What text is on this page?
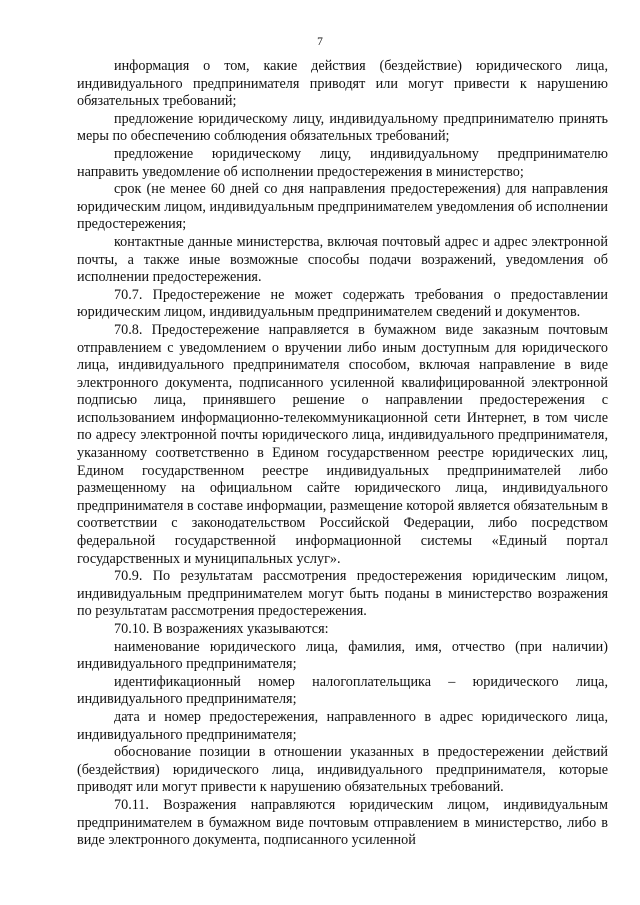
7

информация о том, какие действия (бездействие) юридического лица, индивидуального предпринимателя приводят или могут привести к нарушению обязательных требований;

предложение юридическому лицу, индивидуальному предпринимателю принять меры по обеспечению соблюдения обязательных требований;

предложение юридическому лицу, индивидуальному предпринимателю направить уведомление об исполнении предостережения в министерство;

срок (не менее 60 дней со дня направления предостережения) для направления юридическим лицом, индивидуальным предпринимателем уведомления об исполнении предостережения;

контактные данные министерства, включая почтовый адрес и адрес электронной почты, а также иные возможные способы подачи возражений, уведомления об исполнении предостережения.

70.7. Предостережение не может содержать требования о предоставлении юридическим лицом, индивидуальным предпринимателем сведений и документов.

70.8. Предостережение направляется в бумажном виде заказным почтовым отправлением с уведомлением о вручении либо иным доступным для юридического лица, индивидуального предпринимателя способом, включая направление в виде электронного документа, подписанного усиленной квалифицированной электронной подписью лица, принявшего решение о направлении предостережения с использованием информационно-телекоммуникационной сети Интернет, в том числе по адресу электронной почты юридического лица, индивидуального предпринимателя, указанному соответственно в Едином государственном реестре юридических лиц, Едином государственном реестре индивидуальных предпринимателей либо размещенному на официальном сайте юридического лица, индивидуального предпринимателя в составе информации, размещение которой является обязательным в соответствии с законодательством Российской Федерации, либо посредством федеральной государственной информационной системы «Единый портал государственных и муниципальных услуг».

70.9. По результатам рассмотрения предостережения юридическим лицом, индивидуальным предпринимателем могут быть поданы в министерство возражения по результатам рассмотрения предостережения.

70.10. В возражениях указываются:

наименование юридического лица, фамилия, имя, отчество (при наличии) индивидуального предпринимателя;

идентификационный номер налогоплательщика – юридического лица, индивидуального предпринимателя;

дата и номер предостережения, направленного в адрес юридического лица, индивидуального предпринимателя;

обоснование позиции в отношении указанных в предостережении действий (бездействия) юридического лица, индивидуального предпринимателя, которые приводят или могут привести к нарушению обязательных требований.

70.11. Возражения направляются юридическим лицом, индивидуальным предпринимателем в бумажном виде почтовым отправлением в министерство, либо в виде электронного документа, подписанного усиленной
